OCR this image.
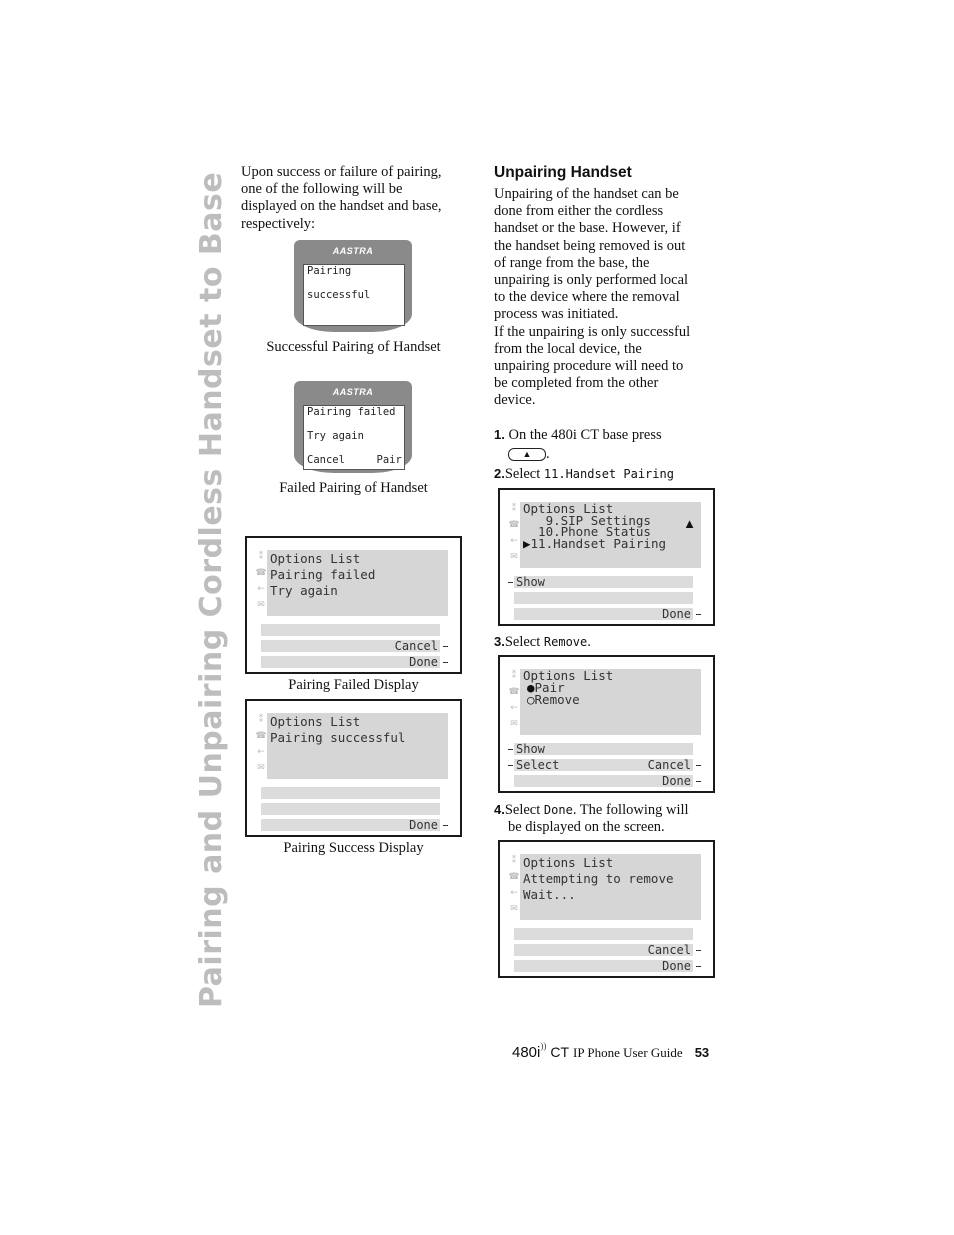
Pairing and Unpairing Cordless Handset to Base Upon success or failure of pairing,
one of the following will be
displayed on the handset and base,
respectively:
AASTRA
Pairing
successful
Successful Pairing of Handset
AASTRA
Pairing failed
Try again
Cancel     Pair
Failed Pairing of Handset
⁑
☎
←
✉
Options List
Pairing failed
Try again
Cancel
Done
Pairing Failed Display
⁑
☎
←
✉
Options List
Pairing successful
Done
Pairing Success Display
Unpairing Handset
Unpairing of the handset can be
done from either the cordless
handset or the base. However, if
the handset being removed is out
of range from the base, the
unpairing is only performed local
to the device where the removal
process was initiated.
If the unpairing is only successful
from the local device, the
unpairing procedure will need to
be completed from the other
device.
1. On the 480i CT base press
▲ .
2.Select 11.Handset Pairing
⁑
☎
←
✉
Options List
9.SIP Settings
10.Phone Status
▶11.Handset Pairing
▲
Show
Done
3.Select Remove.
⁑
☎
←
✉
Options List
●Pair
○Remove
Show
Select	Cancel
Done
4.Select Done. The following will
be displayed on the screen.
⁑
☎
←
✉
Options List
Attempting to remove
Wait...
Cancel
Done
480i)) CT IP Phone User Guide 53
